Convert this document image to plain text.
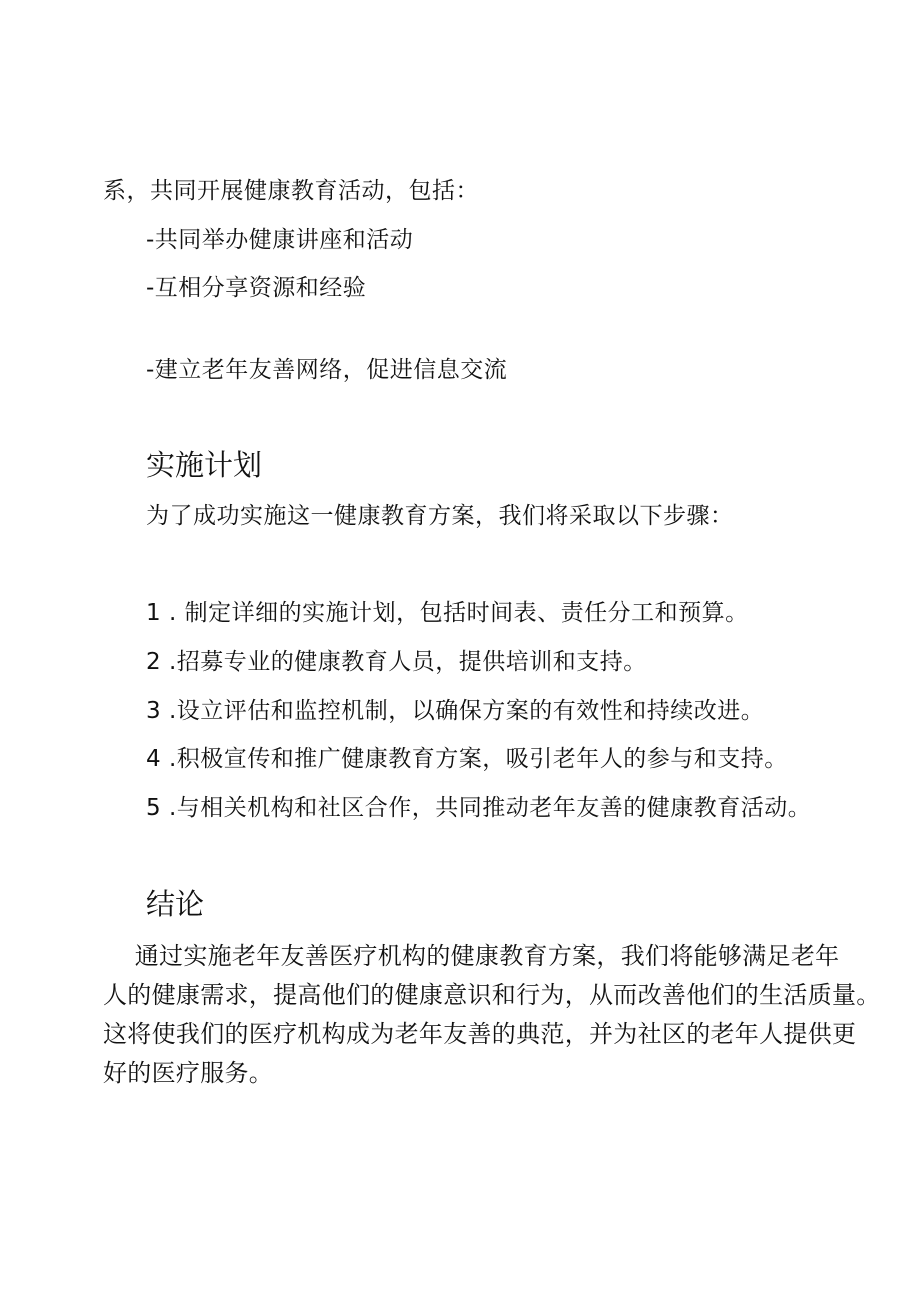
系，共同开展健康教育活动，包括：
-共同举办健康讲座和活动
-互相分享资源和经验
-建立老年友善网络，促进信息交流
实施计划
为了成功实施这一健康教育方案，我们将采取以下步骤：
1 . 制定详细的实施计划，包括时间表、责任分工和预算。
2 .招募专业的健康教育人员，提供培训和支持。
3 .设立评估和监控机制，以确保方案的有效性和持续改进。
4 .积极宣传和推广健康教育方案，吸引老年人的参与和支持。
5 .与相关机构和社区合作，共同推动老年友善的健康教育活动。
结论
通过实施老年友善医疗机构的健康教育方案，我们将能够满足老年
人的健康需求，提高他们的健康意识和行为，从而改善他们的生活质量。
这将使我们的医疗机构成为老年友善的典范，并为社区的老年人提供更
好的医疗服务。
